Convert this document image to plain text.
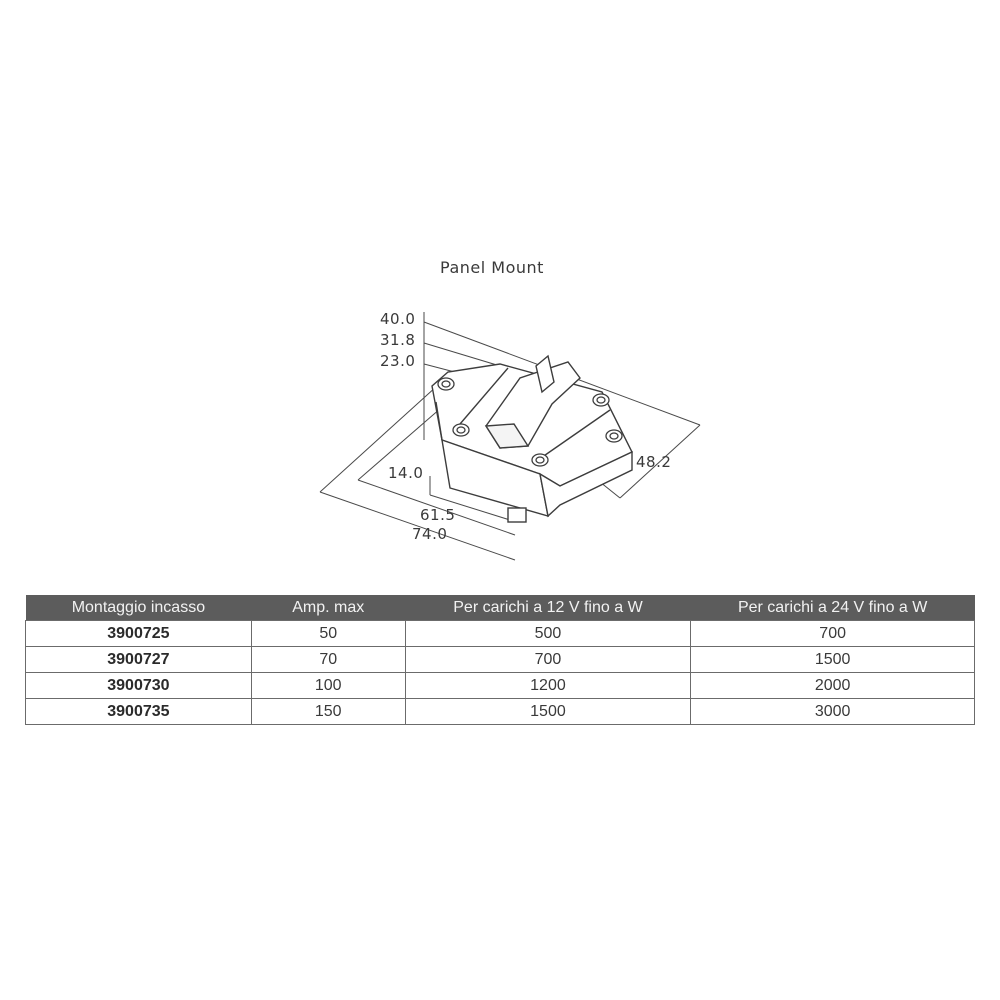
Panel Mount
40.0
31.8
23.0
14.0
48.2
61.5
74.0
Montaggio incasso	Amp. max	Per carichi a 12 V fino a W	Per carichi a 24 V fino a W
3900725	50	500	700
3900727	70	700	1500
3900730	100	1200	2000
3900735	150	1500	3000
